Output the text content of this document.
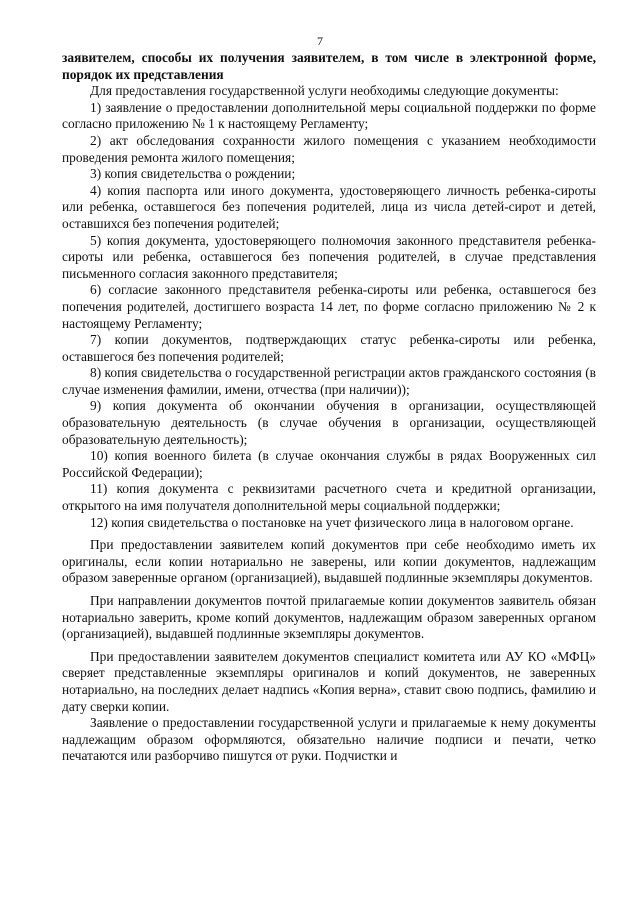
7

заявителем, способы их получения заявителем, в том числе в электронной форме, порядок их представления

Для предоставления государственной услуги необходимы следующие документы:

1) заявление о предоставлении дополнительной меры социальной поддержки по форме согласно приложению № 1 к настоящему Регламенту;

2) акт обследования сохранности жилого помещения с указанием необходимости проведения ремонта жилого помещения;

3) копия свидетельства о рождении;

4) копия паспорта или иного документа, удостоверяющего личность ребенка-сироты или ребенка, оставшегося без попечения родителей, лица из числа детей-сирот и детей, оставшихся без попечения родителей;

5) копия документа, удостоверяющего полномочия законного представителя ребенка-сироты или ребенка, оставшегося без попечения родителей, в случае представления письменного согласия законного представителя;

6) согласие законного представителя ребенка-сироты или ребенка, оставшегося без попечения родителей, достигшего возраста 14 лет, по форме согласно приложению № 2 к настоящему Регламенту;

7) копии документов, подтверждающих статус ребенка-сироты или ребенка, оставшегося без попечения родителей;

8) копия свидетельства о государственной регистрации актов гражданского состояния (в случае изменения фамилии, имени, отчества (при наличии));

9) копия документа об окончании обучения в организации, осуществляющей образовательную деятельность (в случае обучения в организации, осуществляющей образовательную деятельность);

10) копия военного билета (в случае окончания службы в рядах Вооруженных сил Российской Федерации);

11) копия документа с реквизитами расчетного счета и кредитной организации, открытого на имя получателя дополнительной меры социальной поддержки;

12) копия свидетельства о постановке на учет физического лица в налоговом органе.

При предоставлении заявителем копий документов при себе необходимо иметь их оригиналы, если копии нотариально не заверены, или копии документов, надлежащим образом заверенные органом (организацией), выдавшей подлинные экземпляры документов.

При направлении документов почтой прилагаемые копии документов заявитель обязан нотариально заверить, кроме копий документов, надлежащим образом заверенных органом (организацией), выдавшей подлинные экземпляры документов.

При предоставлении заявителем документов специалист комитета или АУ КО «МФЦ» сверяет представленные экземпляры оригиналов и копий документов, не заверенных нотариально, на последних делает надпись «Копия верна», ставит свою подпись, фамилию и дату сверки копии.

Заявление о предоставлении государственной услуги и прилагаемые к нему документы надлежащим образом оформляются, обязательно наличие подписи и печати, четко печатаются или разборчиво пишутся от руки. Подчистки и
